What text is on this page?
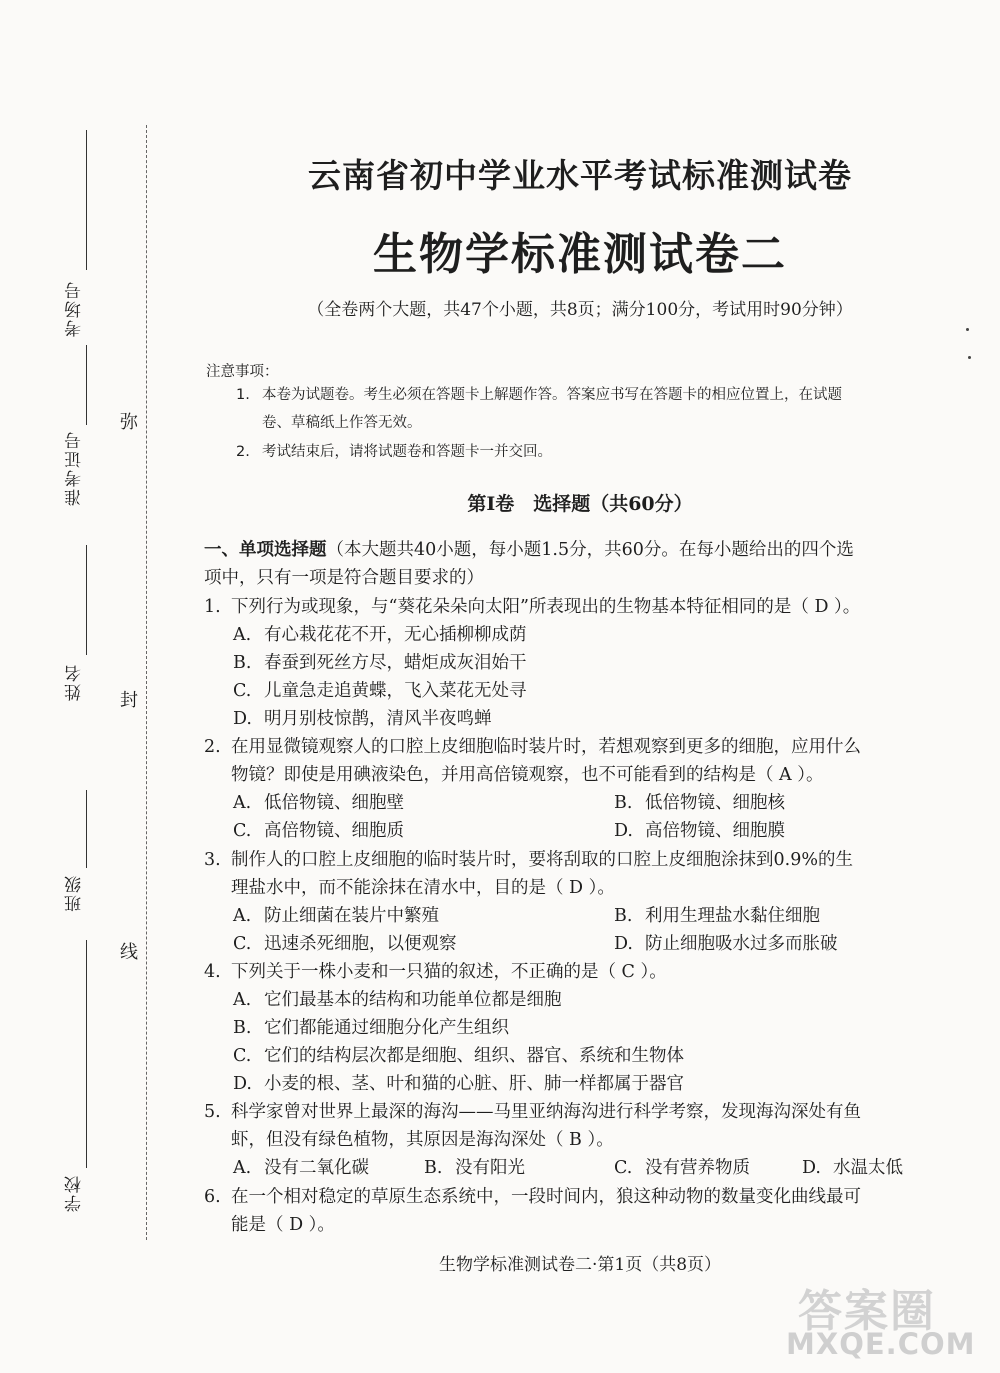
考场号
准考证号
姓名
班级
学校
弥
封
线
云南省初中学业水平考试标准测试卷
生物学标准测试卷二
（全卷两个大题，共47个小题，共8页；满分100分，考试用时90分钟）
注意事项：
1. 本卷为试题卷。考生必须在答题卡上解题作答。答案应书写在答题卡的相应位置上，在试题
卷、草稿纸上作答无效。
2. 考试结束后，请将试题卷和答题卡一并交回。
第Ⅰ卷　选择题（共60分）
一、单项选择题（本大题共40小题，每小题1.5分，共60分。在每小题给出的四个选
项中，只有一项是符合题目要求的）
1. 下列行为或现象，与“葵花朵朵向太阳”所表现出的生物基本特征相同的是（ D ）。
A. 有心栽花花不开，无心插柳柳成荫
B. 春蚕到死丝方尽，蜡炬成灰泪始干
C. 儿童急走追黄蝶，飞入菜花无处寻
D. 明月别枝惊鹊，清风半夜鸣蝉
2. 在用显微镜观察人的口腔上皮细胞临时装片时，若想观察到更多的细胞，应用什么
物镜？即使是用碘液染色，并用高倍镜观察，也不可能看到的结构是（ A ）。
A. 低倍物镜、细胞壁	B. 低倍物镜、细胞核
C. 高倍物镜、细胞质	D. 高倍物镜、细胞膜
3. 制作人的口腔上皮细胞的临时装片时，要将刮取的口腔上皮细胞涂抹到0.9%的生
理盐水中，而不能涂抹在清水中，目的是（ D ）。
A. 防止细菌在装片中繁殖	B. 利用生理盐水黏住细胞
C. 迅速杀死细胞，以便观察	D. 防止细胞吸水过多而胀破
4. 下列关于一株小麦和一只猫的叙述，不正确的是（ C ）。
A. 它们最基本的结构和功能单位都是细胞
B. 它们都能通过细胞分化产生组织
C. 它们的结构层次都是细胞、组织、器官、系统和生物体
D. 小麦的根、茎、叶和猫的心脏、肝、肺一样都属于器官
5. 科学家曾对世界上最深的海沟——马里亚纳海沟进行科学考察，发现海沟深处有鱼
虾，但没有绿色植物，其原因是海沟深处（ B ）。
A. 没有二氧化碳	B. 没有阳光	C. 没有营养物质	D. 水温太低
6. 在一个相对稳定的草原生态系统中，一段时间内，狼这种动物的数量变化曲线最可
能是（ D ）。
生物学标准测试卷二·第1页（共8页）
答案圈
MXQE.COM
